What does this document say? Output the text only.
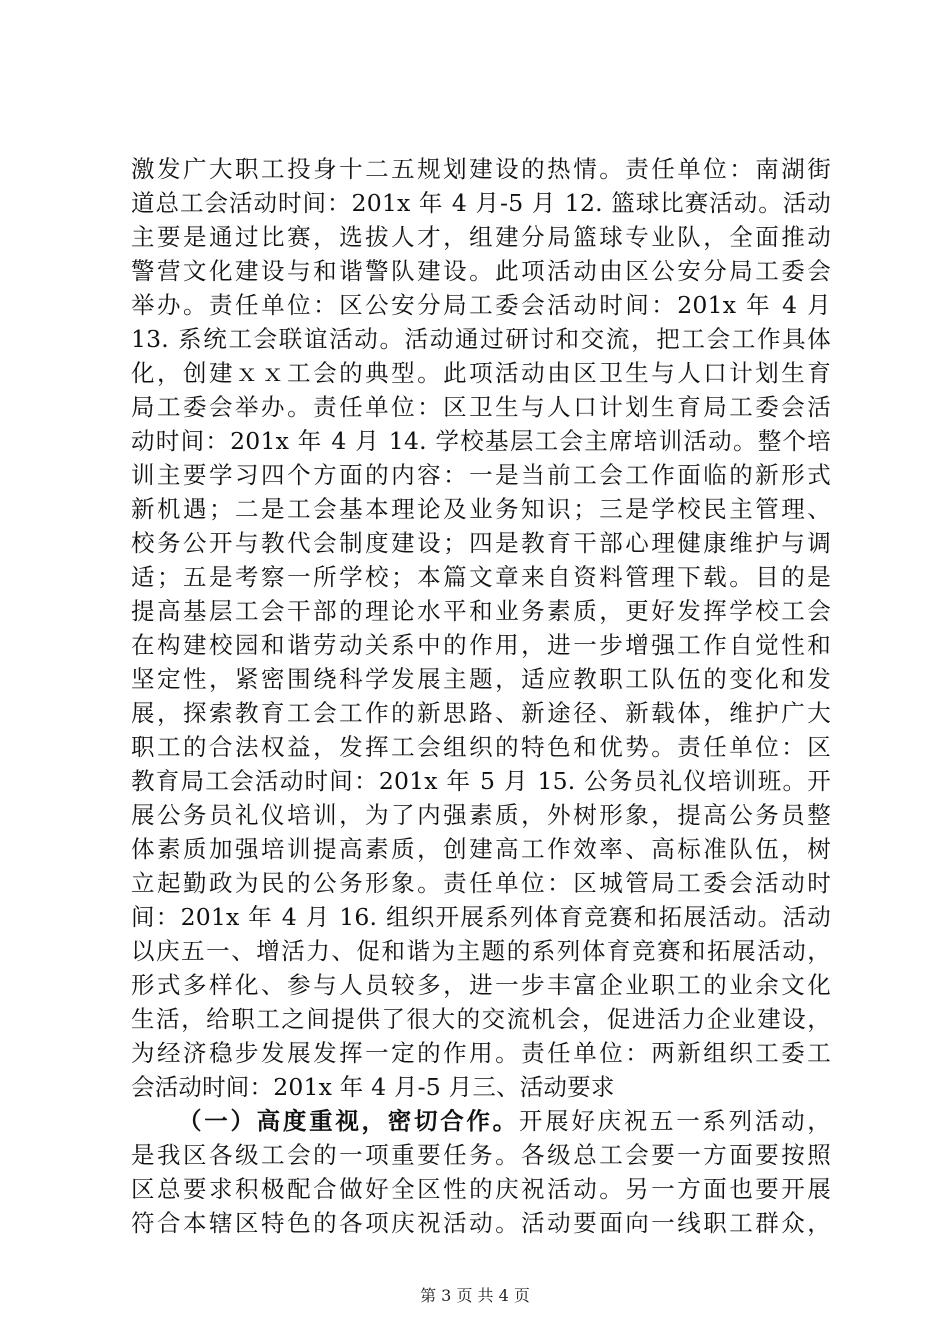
激发广大职工投身十二五规划建设的热情。责任单位：南湖街
道总工会活动时间：201x 年 4 月-5 月 12. 篮球比赛活动。活动
主要是通过比赛，选拔人才，组建分局篮球专业队，全面推动
警营文化建设与和谐警队建设。此项活动由区公安分局工委会
举办。责任单位：区公安分局工委会活动时间：201x 年 4 月
13. 系统工会联谊活动。活动通过研讨和交流，把工会工作具体
化，创建ｘｘ工会的典型。此项活动由区卫生与人口计划生育
局工委会举办。责任单位：区卫生与人口计划生育局工委会活
动时间：201x 年 4 月 14. 学校基层工会主席培训活动。整个培
训主要学习四个方面的内容：一是当前工会工作面临的新形式
新机遇；二是工会基本理论及业务知识；三是学校民主管理、
校务公开与教代会制度建设；四是教育干部心理健康维护与调
适；五是考察一所学校；本篇文章来自资料管理下载。目的是
提高基层工会干部的理论水平和业务素质，更好发挥学校工会
在构建校园和谐劳动关系中的作用，进一步增强工作自觉性和
坚定性，紧密围绕科学发展主题，适应教职工队伍的变化和发
展，探索教育工会工作的新思路、新途径、新载体，维护广大
职工的合法权益，发挥工会组织的特色和优势。责任单位：区
教育局工会活动时间：201x 年 5 月 15. 公务员礼仪培训班。开
展公务员礼仪培训，为了内强素质，外树形象，提高公务员整
体素质加强培训提高素质，创建高工作效率、高标准队伍，树
立起勤政为民的公务形象。责任单位：区城管局工委会活动时
间：201x 年 4 月 16. 组织开展系列体育竞赛和拓展活动。活动
以庆五一、增活力、促和谐为主题的系列体育竞赛和拓展活动，
形式多样化、参与人员较多，进一步丰富企业职工的业余文化
生活，给职工之间提供了很大的交流机会，促进活力企业建设，
为经济稳步发展发挥一定的作用。责任单位：两新组织工委工
会活动时间：201x 年 4 月-5 月三、活动要求
（一）高度重视，密切合作。开展好庆祝五一系列活动，
是我区各级工会的一项重要任务。各级总工会要一方面要按照
区总要求积极配合做好全区性的庆祝活动。另一方面也要开展
符合本辖区特色的各项庆祝活动。活动要面向一线职工群众，
第 3 页 共 4 页
